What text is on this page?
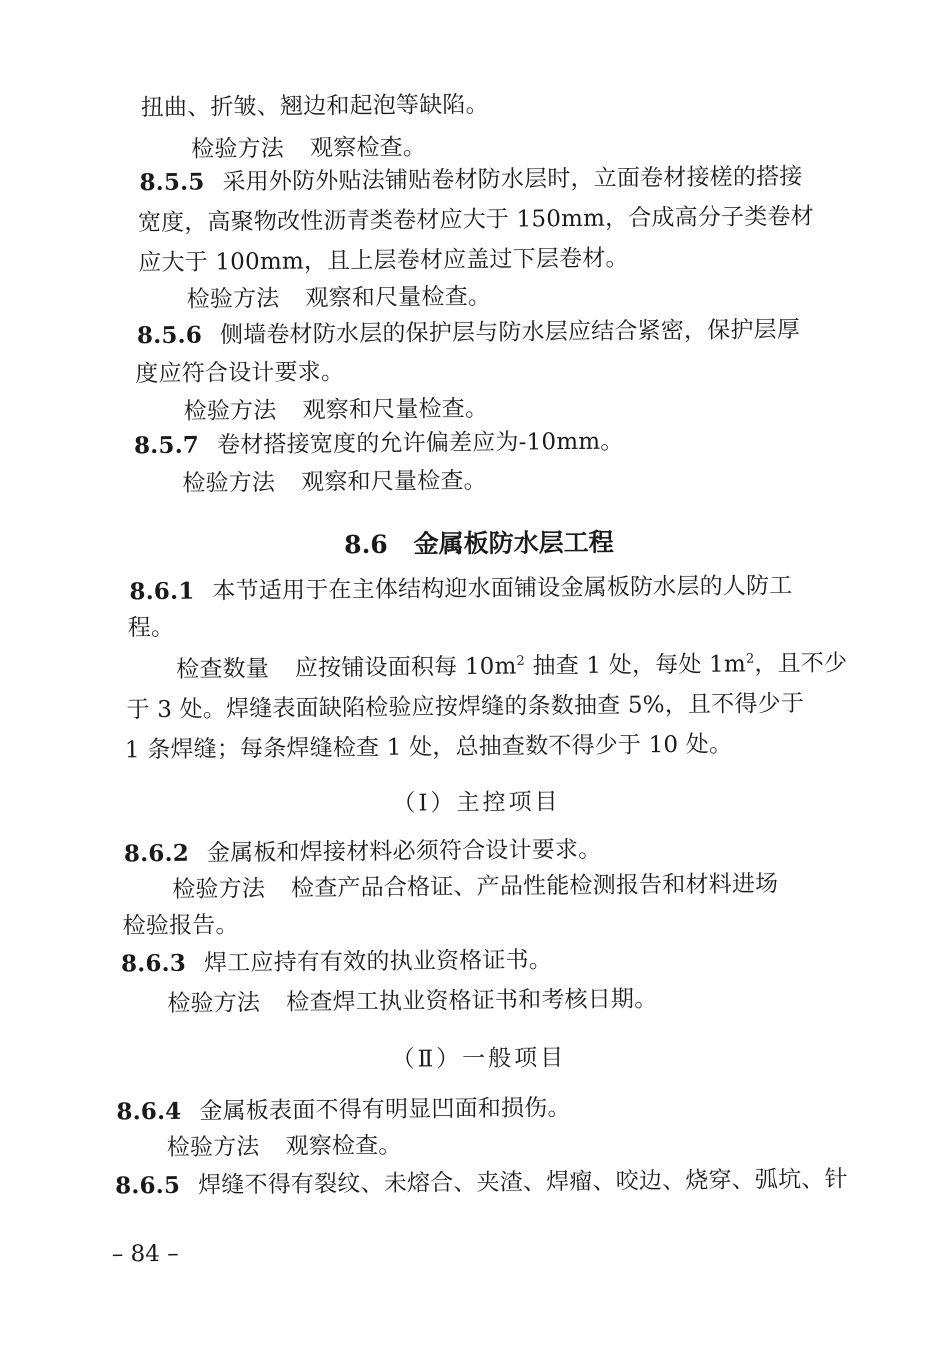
扭曲、折皱、翘边和起泡等缺陷。
检验方法 观察检查。
8.5.5 采用外防外贴法铺贴卷材防水层时，立面卷材接槎的搭接
宽度，高聚物改性沥青类卷材应大于 150mm，合成高分子类卷材
应大于 100mm，且上层卷材应盖过下层卷材。
检验方法 观察和尺量检查。
8.5.6 侧墙卷材防水层的保护层与防水层应结合紧密，保护层厚
度应符合设计要求。
检验方法 观察和尺量检查。
8.5.7 卷材搭接宽度的允许偏差应为-10mm。
检验方法 观察和尺量检查。
8.6 金属板防水层工程
8.6.1 本节适用于在主体结构迎水面铺设金属板防水层的人防工
程。
检查数量 应按铺设面积每 $10m^2$ 抽查 1 处，每处 $1m^2$，且不少
于 3 处。焊缝表面缺陷检验应按焊缝的条数抽查 5%，且不得少于
1 条焊缝；每条焊缝检查 1 处，总抽查数不得少于 10 处。
（Ⅰ）主控项目
8.6.2 金属板和焊接材料必须符合设计要求。
检验方法 检查产品合格证、产品性能检测报告和材料进场
检验报告。
8.6.3 焊工应持有有效的执业资格证书。
检验方法 检查焊工执业资格证书和考核日期。
（Ⅱ）一般项目
8.6.4 金属板表面不得有明显凹面和损伤。
检验方法 观察检查。
8.6.5 焊缝不得有裂纹、未熔合、夹渣、焊瘤、咬边、烧穿、弧坑、针
– 84 –
